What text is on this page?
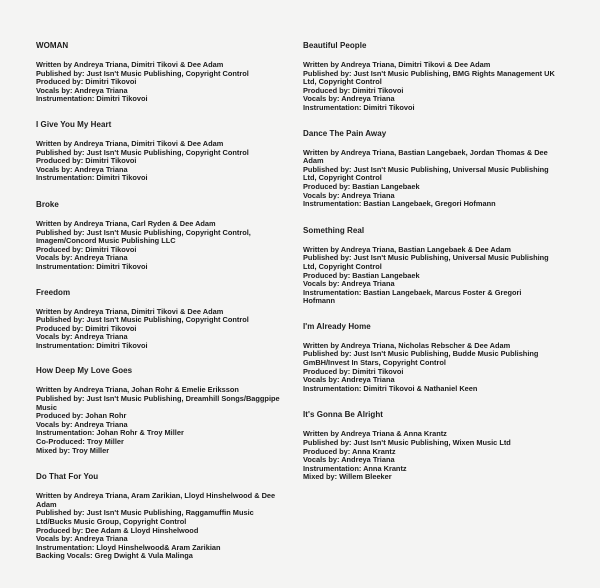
WOMAN

Written by Andreya Triana, Dimitri Tikovi & Dee Adam

Published by: Just Isn't Music Publishing, Copyright Control

Produced by: Dimitri Tikovoi

Vocals by: Andreya Triana

Instrumentation: Dimitri Tikovoi

I Give You My Heart

Written by Andreya Triana, Dimitri Tikovi & Dee Adam

Published by: Just Isn't Music Publishing, Copyright Control

Produced by: Dimitri Tikovoi

Vocals by: Andreya Triana

Instrumentation: Dimitri Tikovoi

Broke

Written by Andreya Triana, Carl Ryden & Dee Adam

Published by: Just Isn't Music Publishing, Copyright Control,

Imagem/Concord Music Publishing LLC

Produced by: Dimitri Tikovoi

Vocals by: Andreya Triana

Instrumentation: Dimitri Tikovoi

Freedom

Written by Andreya Triana, Dimitri Tikovi & Dee Adam

Published by: Just Isn't Music Publishing, Copyright Control

Produced by: Dimitri Tikovoi

Vocals by: Andreya Triana

Instrumentation: Dimitri Tikovoi

How Deep My Love Goes

Written by Andreya Triana, Johan Rohr & Emelie Eriksson

Published by: Just Isn't Music Publishing, Dreamhill Songs/Baggpipe

Music

Produced by: Johan Rohr

Vocals by: Andreya Triana

Instrumentation: Johan Rohr & Troy Miller

Co-Produced: Troy Miller

Mixed by: Troy Miller

Do That For You

Written by Andreya Triana, Aram Zarikian, Lloyd Hinshelwood & Dee

Adam

Published by: Just Isn't Music Publishing, Raggamuffin Music

Ltd/Bucks Music Group, Copyright Control

Produced by: Dee Adam & Lloyd Hinshelwood

Vocals by: Andreya Triana

Instrumentation: Lloyd Hinshelwood& Aram Zarikian

Backing Vocals: Greg Dwight & Vula Malinga

Beautiful People

Written by Andreya Triana, Dimitri Tikovi & Dee Adam

Published by: Just Isn't Music Publishing, BMG Rights Management UK

Ltd, Copyright Control

Produced by: Dimitri Tikovoi

Vocals by: Andreya Triana

Instrumentation: Dimitri Tikovoi

Dance The Pain Away

Written by Andreya Triana, Bastian Langebaek, Jordan Thomas & Dee

Adam

Published by: Just Isn't Music Publishing, Universal Music Publishing

Ltd, Copyright Control

Produced by: Bastian Langebaek

Vocals by: Andreya Triana

Instrumentation: Bastian Langebaek, Gregori Hofmann

Something Real

Written by Andreya Triana, Bastian Langebaek & Dee Adam

Published by: Just Isn't Music Publishing, Universal Music Publishing

Ltd, Copyright Control

Produced by: Bastian Langebaek

Vocals by: Andreya Triana

Instrumentation: Bastian Langebaek, Marcus Foster & Gregori

Hofmann

I'm Already Home

Written by Andreya Triana, Nicholas Rebscher & Dee Adam

Published by: Just Isn't Music Publishing, Budde Music Publishing

GmBH/Invest In Stars, Copyright Control

Produced by: Dimitri Tikovoi

Vocals by: Andreya Triana

Instrumentation: Dimitri Tikovoi & Nathaniel Keen

It's Gonna Be Alright

Written by Andreya Triana & Anna Krantz

Published by: Just Isn't Music Publishing, Wixen Music Ltd

Produced by: Anna Krantz

Vocals by: Andreya Triana

Instrumentation: Anna Krantz

Mixed by: Willem Bleeker
